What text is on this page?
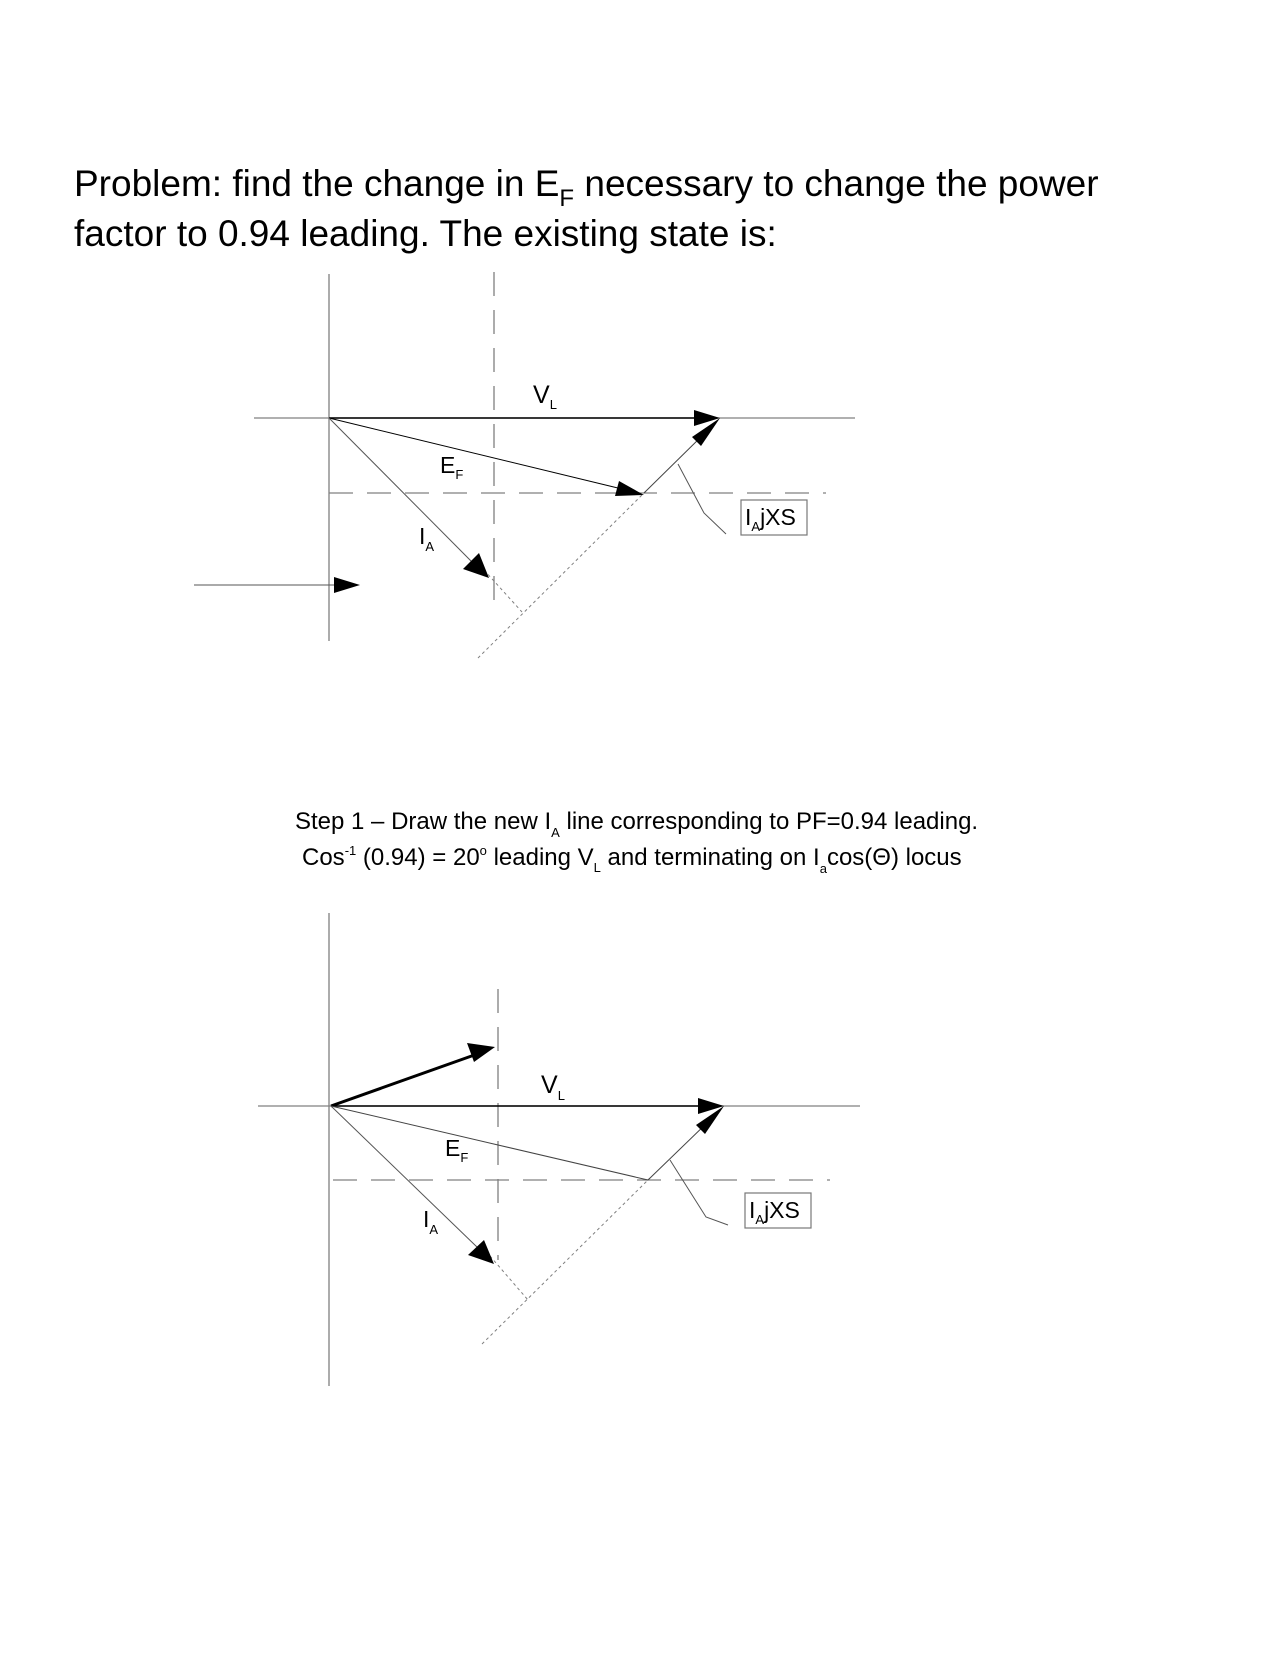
Problem: find the change in $E_F$ necessary to change the power
factor to 0.94 leading. The existing state is:
$V_L$
$E_F$
$I_A$
$I_AjXS$
Step 1 – Draw the new $I_A$ line corresponding to PF=0.94 leading.
Cos$^{-1}$ $(0.94) = 20^o$ leading $V_L$ and terminating on $I_a\cos(\Theta)$ locus
$V_L$
$E_F$
$I_A$
$I_AjXS$
